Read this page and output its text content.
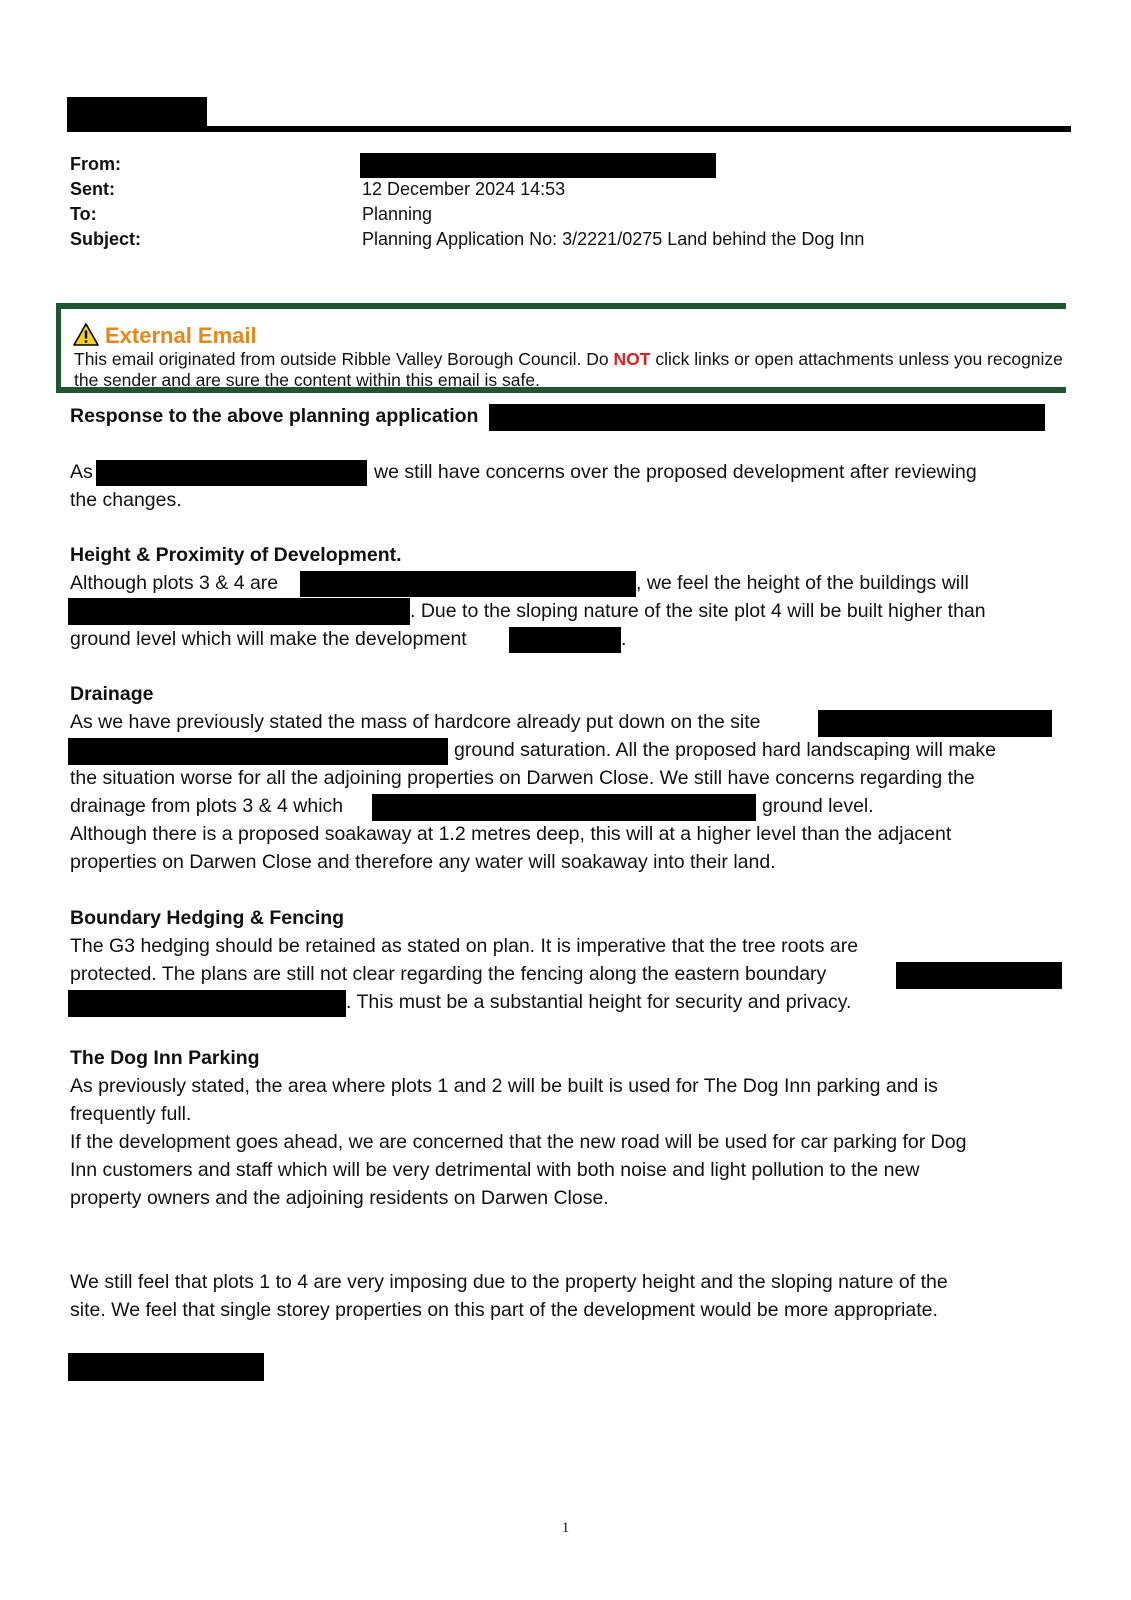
From:
Sent:	12 December 2024 14:53
To:	Planning
Subject:	Planning Application No: 3/2221/0275 Land behind the Dog Inn
External Email
This email originated from outside Ribble Valley Borough Council. Do NOT click links or open attachments unless you recognize the sender and are sure the content within this email is safe.
Response to the above planning application
As	we still have concerns over the proposed development after reviewing
the changes.
Height & Proximity of Development.
Although plots 3 & 4 are	, we feel the height of the buildings will
. Due to the sloping nature of the site plot 4 will be built higher than
ground level which will make the development	.
Drainage
As we have previously stated the mass of hardcore already put down on the site
ground saturation. All the proposed hard landscaping will make
the situation worse for all the adjoining properties on Darwen Close. We still have concerns regarding the
drainage from plots 3 & 4 which	ground level.
Although there is a proposed soakaway at 1.2 metres deep, this will at a higher level than the adjacent
properties on Darwen Close and therefore any water will soakaway into their land.
Boundary Hedging & Fencing
The G3 hedging should be retained as stated on plan. It is imperative that the tree roots are
protected. The plans are still not clear regarding the fencing along the eastern boundary
. This must be a substantial height for security and privacy.
The Dog Inn Parking
As previously stated, the area where plots 1 and 2 will be built is used for The Dog Inn parking and is
frequently full.
If the development goes ahead, we are concerned that the new road will be used for car parking for Dog
Inn customers and staff which will be very detrimental with both noise and light pollution to the new
property owners and the adjoining residents on Darwen Close.
We still feel that plots 1 to 4 are very imposing due to the property height and the sloping nature of the
site. We feel that single storey properties on this part of the development would be more appropriate.
1
